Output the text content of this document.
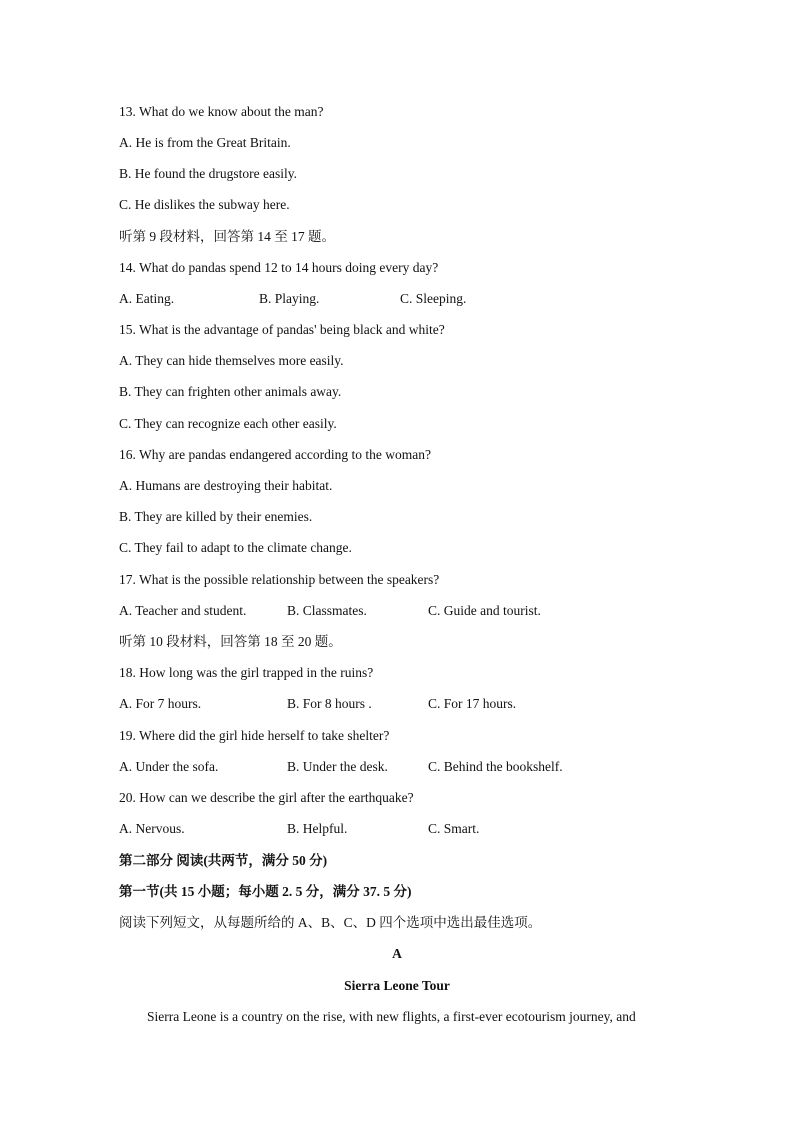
13. What do we know about the man?
A. He is from the Great Britain.
B. He found the drugstore easily.
C. He dislikes the subway here.
听第 9 段材料，回答第 14 至 17 题。
14. What do pandas spend 12 to 14 hours doing every day?
A. Eating.	B. Playing.	C. Sleeping.
15. What is the advantage of pandas' being black and white?
A. They can hide themselves more easily.
B. They can frighten other animals away.
C. They can recognize each other easily.
16. Why are pandas endangered according to the woman?
A. Humans are destroying their habitat.
B. They are killed by their enemies.
C. They fail to adapt to the climate change.
17. What is the possible relationship between the speakers?
A. Teacher and student.	B. Classmates.	C. Guide and tourist.
听第 10 段材料，回答第 18 至 20 题。
18. How long was the girl trapped in the ruins?
A. For 7 hours.	B. For 8 hours .	C. For 17 hours.
19. Where did the girl hide herself to take shelter?
A. Under the sofa.	B. Under the desk.	C. Behind the bookshelf.
20. How can we describe the girl after the earthquake?
A. Nervous.	B. Helpful.	C. Smart.
第二部分 阅读(共两节，满分 50 分)
第一节(共 15 小题；每小题 2. 5 分，满分 37. 5 分)
阅读下列短文，从每题所给的 A、B、C、D 四个选项中选出最佳选项。
A
Sierra Leone Tour
Sierra Leone is a country on the rise, with new flights, a first-ever ecotourism journey, and
